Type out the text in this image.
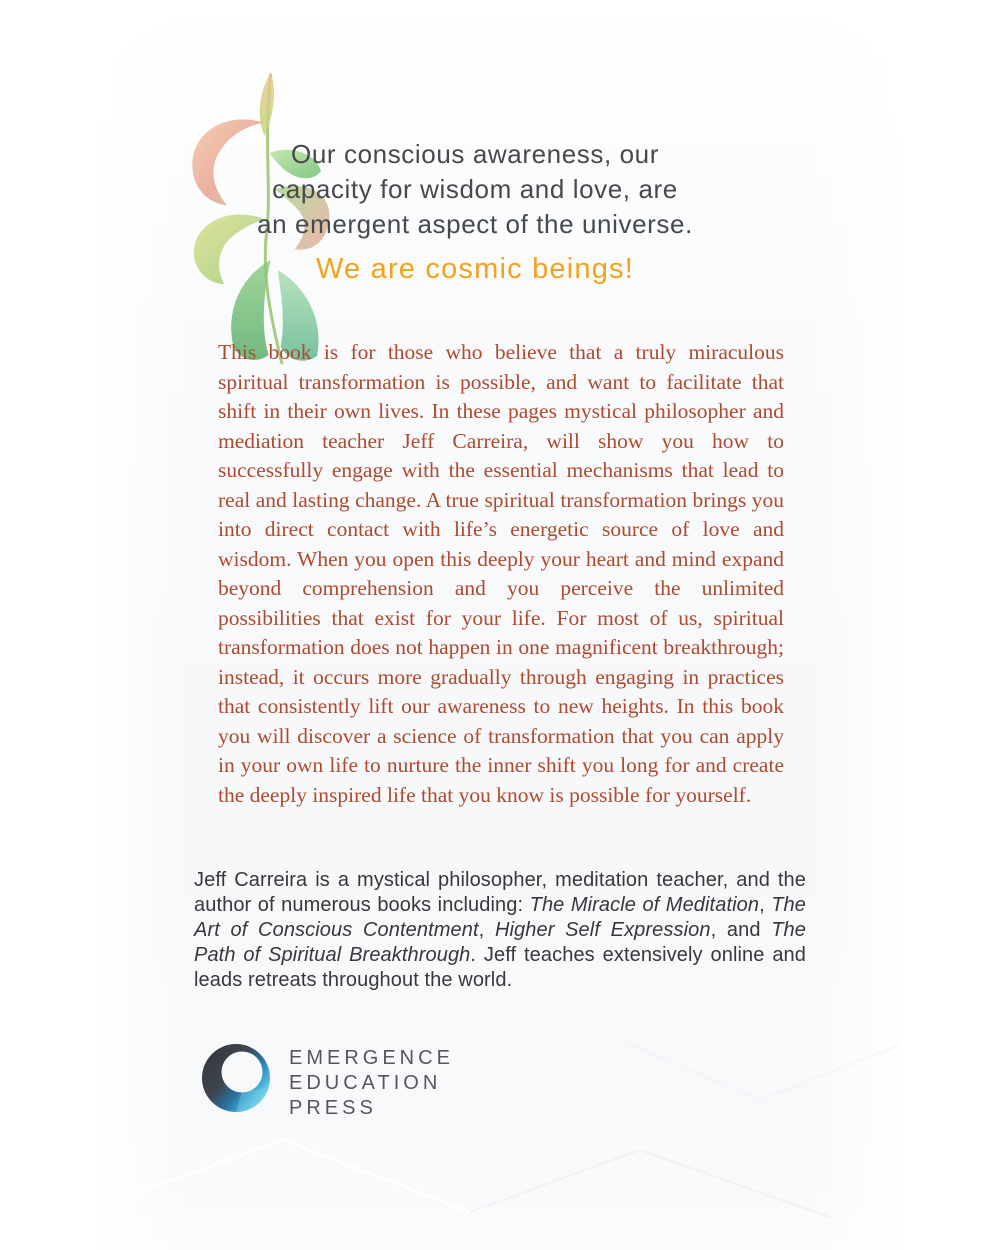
Our conscious awareness, our
capacity for wisdom and love, are
an emergent aspect of the universe.
We are cosmic beings!

This book is for those who believe that a truly miraculous spiritual transformation is possible, and want to facilitate that shift in their own lives. In these pages mystical philosopher and mediation teacher Jeff Carreira, will show you how to successfully engage with the essential mechanisms that lead to real and lasting change. A true spiritual transformation brings you into direct contact with life’s energetic source of love and wisdom. When you open this deeply your heart and mind expand beyond comprehension and you perceive the unlimited possibilities that exist for your life. For most of us, spiritual transformation does not happen in one magnificent breakthrough; instead, it occurs more gradually through engaging in practices that consistently lift our awareness to new heights. In this book you will discover a science of transformation that you can apply in your own life to nurture the inner shift you long for and create the deeply inspired life that you know is possible for yourself.

Jeff Carreira is a mystical philosopher, meditation teacher, and the author of numerous books including: The Miracle of Meditation, The Art of Conscious Contentment, Higher Self Expression, and The Path of Spiritual Breakthrough. Jeff teaches extensively online and leads retreats throughout the world.

EMERGENCE
EDUCATION
PRESS
